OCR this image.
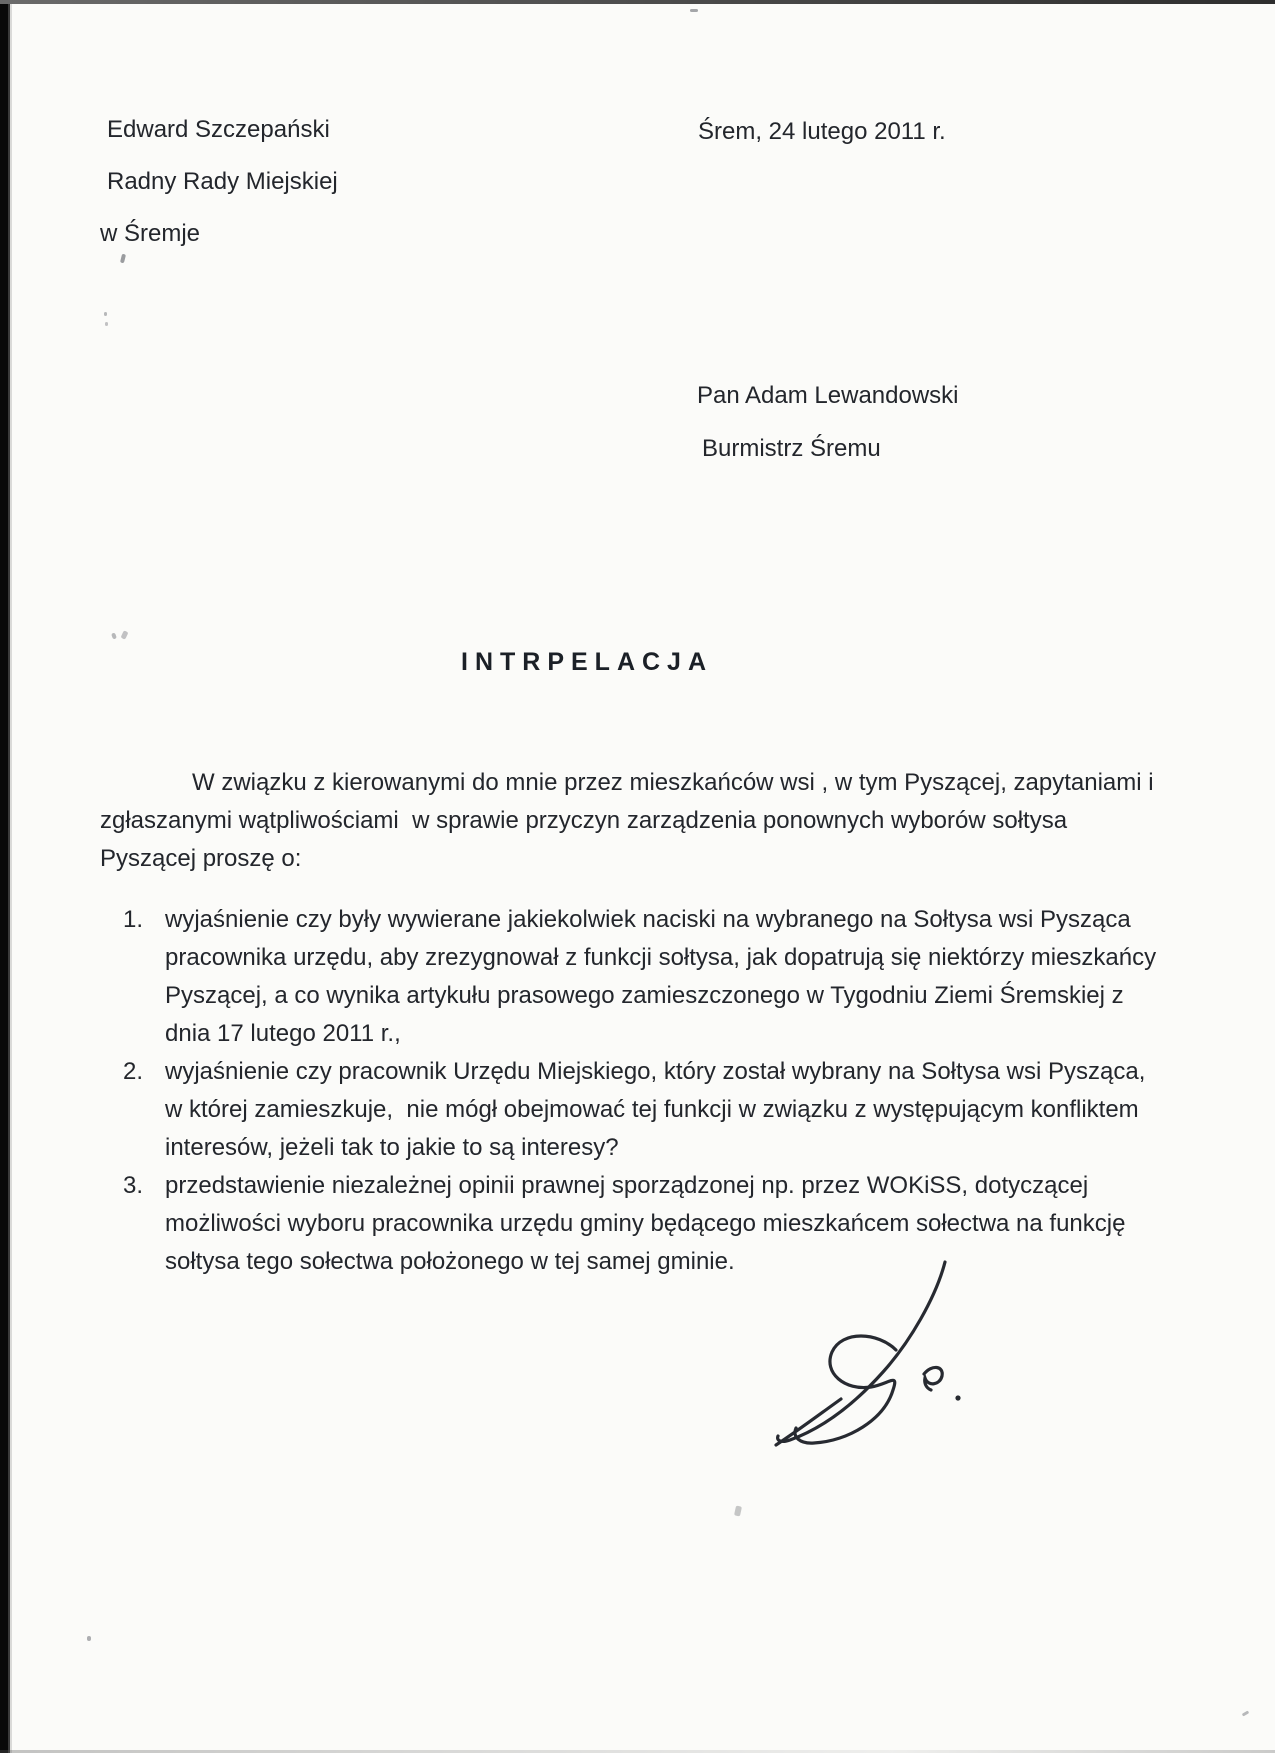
Edward Szczepański
Radny Rady Miejskiej
w Śremje
Śrem, 24 lutego 2011 r.
Pan Adam Lewandowski
Burmistrz Śremu
INTRPELACJA
W związku z kierowanymi do mnie przez mieszkańców wsi , w tym Pyszącej, zapytaniami i zgłaszanymi wątpliwościami  w sprawie przyczyn zarządzenia ponownych wyborów sołtysa Pyszącej proszę o:
1. wyjaśnienie czy były wywierane jakiekolwiek naciski na wybranego na Sołtysa wsi Pysząca pracownika urzędu, aby zrezygnował z funkcji sołtysa, jak dopatrują się niektórzy mieszkańcy Pyszącej, a co wynika artykułu prasowego zamieszczonego w Tygodniu Ziemi Śremskiej z dnia 17 lutego 2011 r.,
2. wyjaśnienie czy pracownik Urzędu Miejskiego, który został wybrany na Sołtysa wsi Pysząca, w której zamieszkuje,  nie mógł obejmować tej funkcji w związku z występującym konfliktem interesów, jeżeli tak to jakie to są interesy?
3. przedstawienie niezależnej opinii prawnej sporządzonej np. przez WOKiSS, dotyczącej możliwości wyboru pracownika urzędu gminy będącego mieszkańcem sołectwa na funkcję sołtysa tego sołectwa położonego w tej samej gminie.
